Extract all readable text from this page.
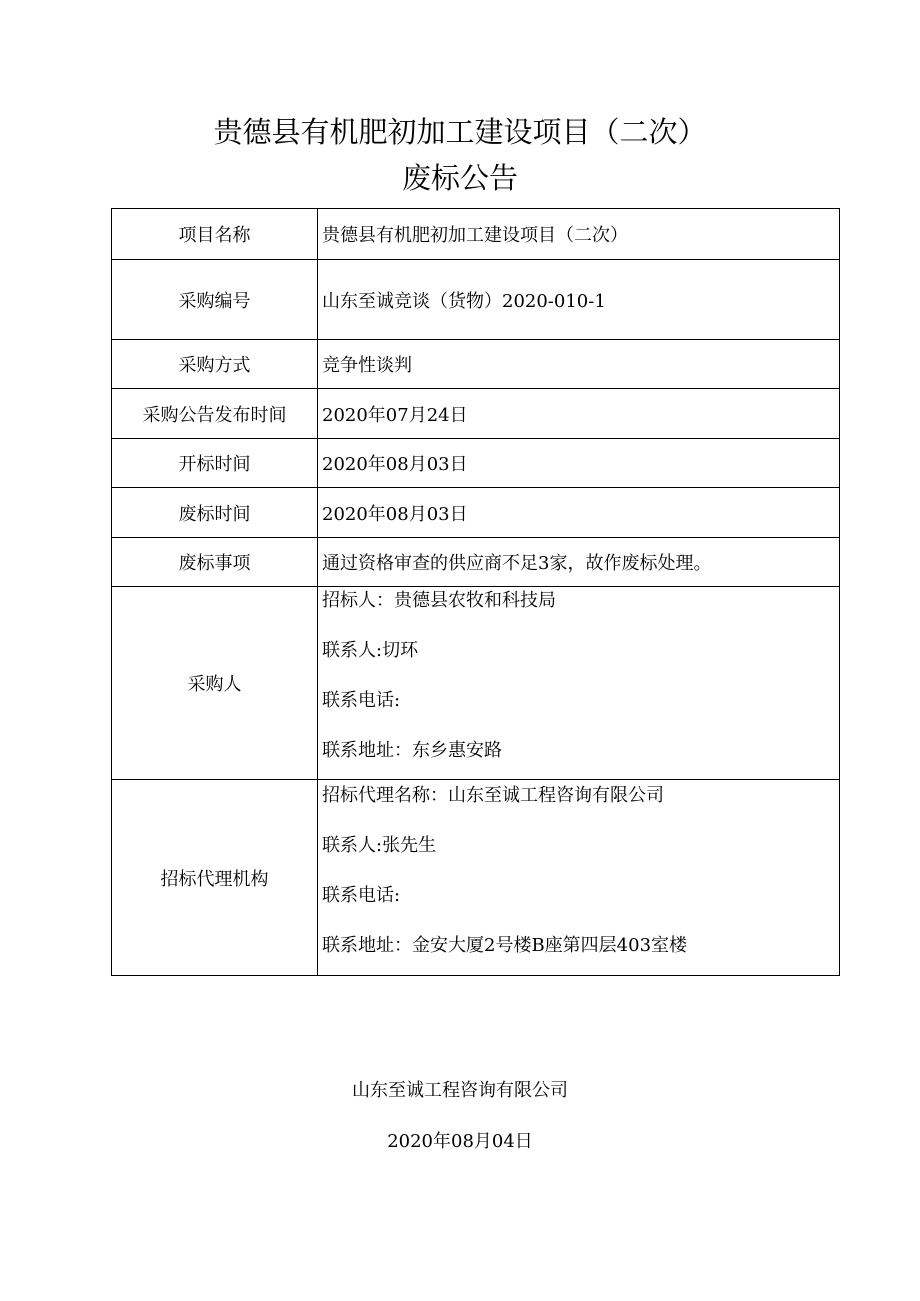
贵德县有机肥初加工建设项目（二次）
废标公告
项目名称	贵德县有机肥初加工建设项目（二次）
采购编号	山东至诚竞谈（货物）2020-010-1
采购方式	竞争性谈判
采购公告发布时间	2020年07月24日
开标时间	2020年08月03日
废标时间	2020年08月03日
废标事项	通过资格审查的供应商不足3家，故作废标处理。
采购人	招标人：贵德县农牧和科技局
联系人:切环
联系电话:
联系地址：东乡惠安路

招标代理机构	招标代理名称：山东至诚工程咨询有限公司
联系人:张先生
联系电话:
联系地址：金安大厦2号楼B座第四层403室楼
山东至诚工程咨询有限公司
2020年08月04日
